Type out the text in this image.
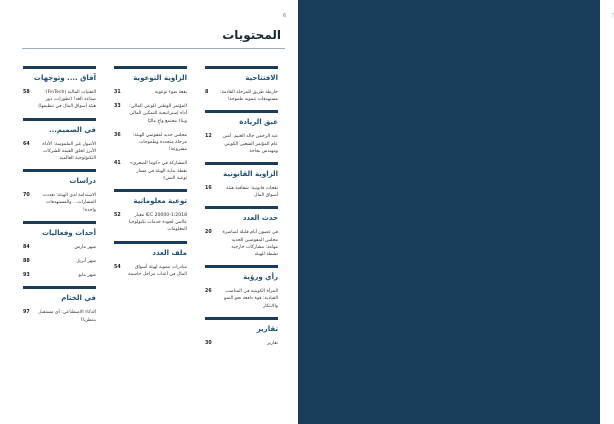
6
المحتويات
الافتتاحية
خارطة طريق للمرحلة القادمة: مستهدفات تنموية طموحة!
8
عبق الريادة
عبد الرحمن خالد الغنيم: أمين عام المؤتمر الشعبي الكويتي ومهندس بحاجة
12
الزاوية القانونية
نقحات قانونية: شفافية هيئة أسواق المال
16
حدث العدد
في غضون أيام قليلة لمباشرة مجلس المفوضين الجديد مهامه: مشاركات خارجية نشطة للهيئة
20
رأي ورؤية
المرأة الكويتية في المناصب القيادية: قوة دافعة نحو النمو والابتكار
26
تقارير
تقارير
30
الزاوية التوعوية
بقعة ضوء توعوية
31
المؤتمر الوطني للوعي المالي: أداة إستراتيجية للتمكين المالي وبناء مجتمع واعٍ ماليًا
33
مجلس جديد لمفوضي الهيئة: مرحلة متجددة وطموحات مشروعة!
36
المشاركة في «كوما الصغرى» نقطة بداية الهيئة في مسار توعية النشء
41
توعية معلوماتية
IEC 20000-1:2018 معيار عالمي لجودة خدمات تكنولوجيا المعلومات
52
ملف العدد
مبادرات تنموية لهيئة أسواق المال في أعتاب مراحل حاسمة
54
آفاق .... وتوجهات
التقنيات المالية (FinTech): صناعة الغد! (تطورات، دور هيئة أسواق المال في تنظيمها)
58
في الصميم...
الأصول غير الملموسة: الأداة الأبرز لخلق القيمة للشركات التكنولوجية العالمية
64
دراسات
الاستدامة لدى الهيئة: تعددت المسارات... والمستهدفات واحدة!
70
أحداث وفعاليات
شهر مارس
84
شهر أبريل
88
شهر مايو
93
في الختام
الذكاء الاصطناعي: أي مستقبل ينتظرنا؟
97
7
